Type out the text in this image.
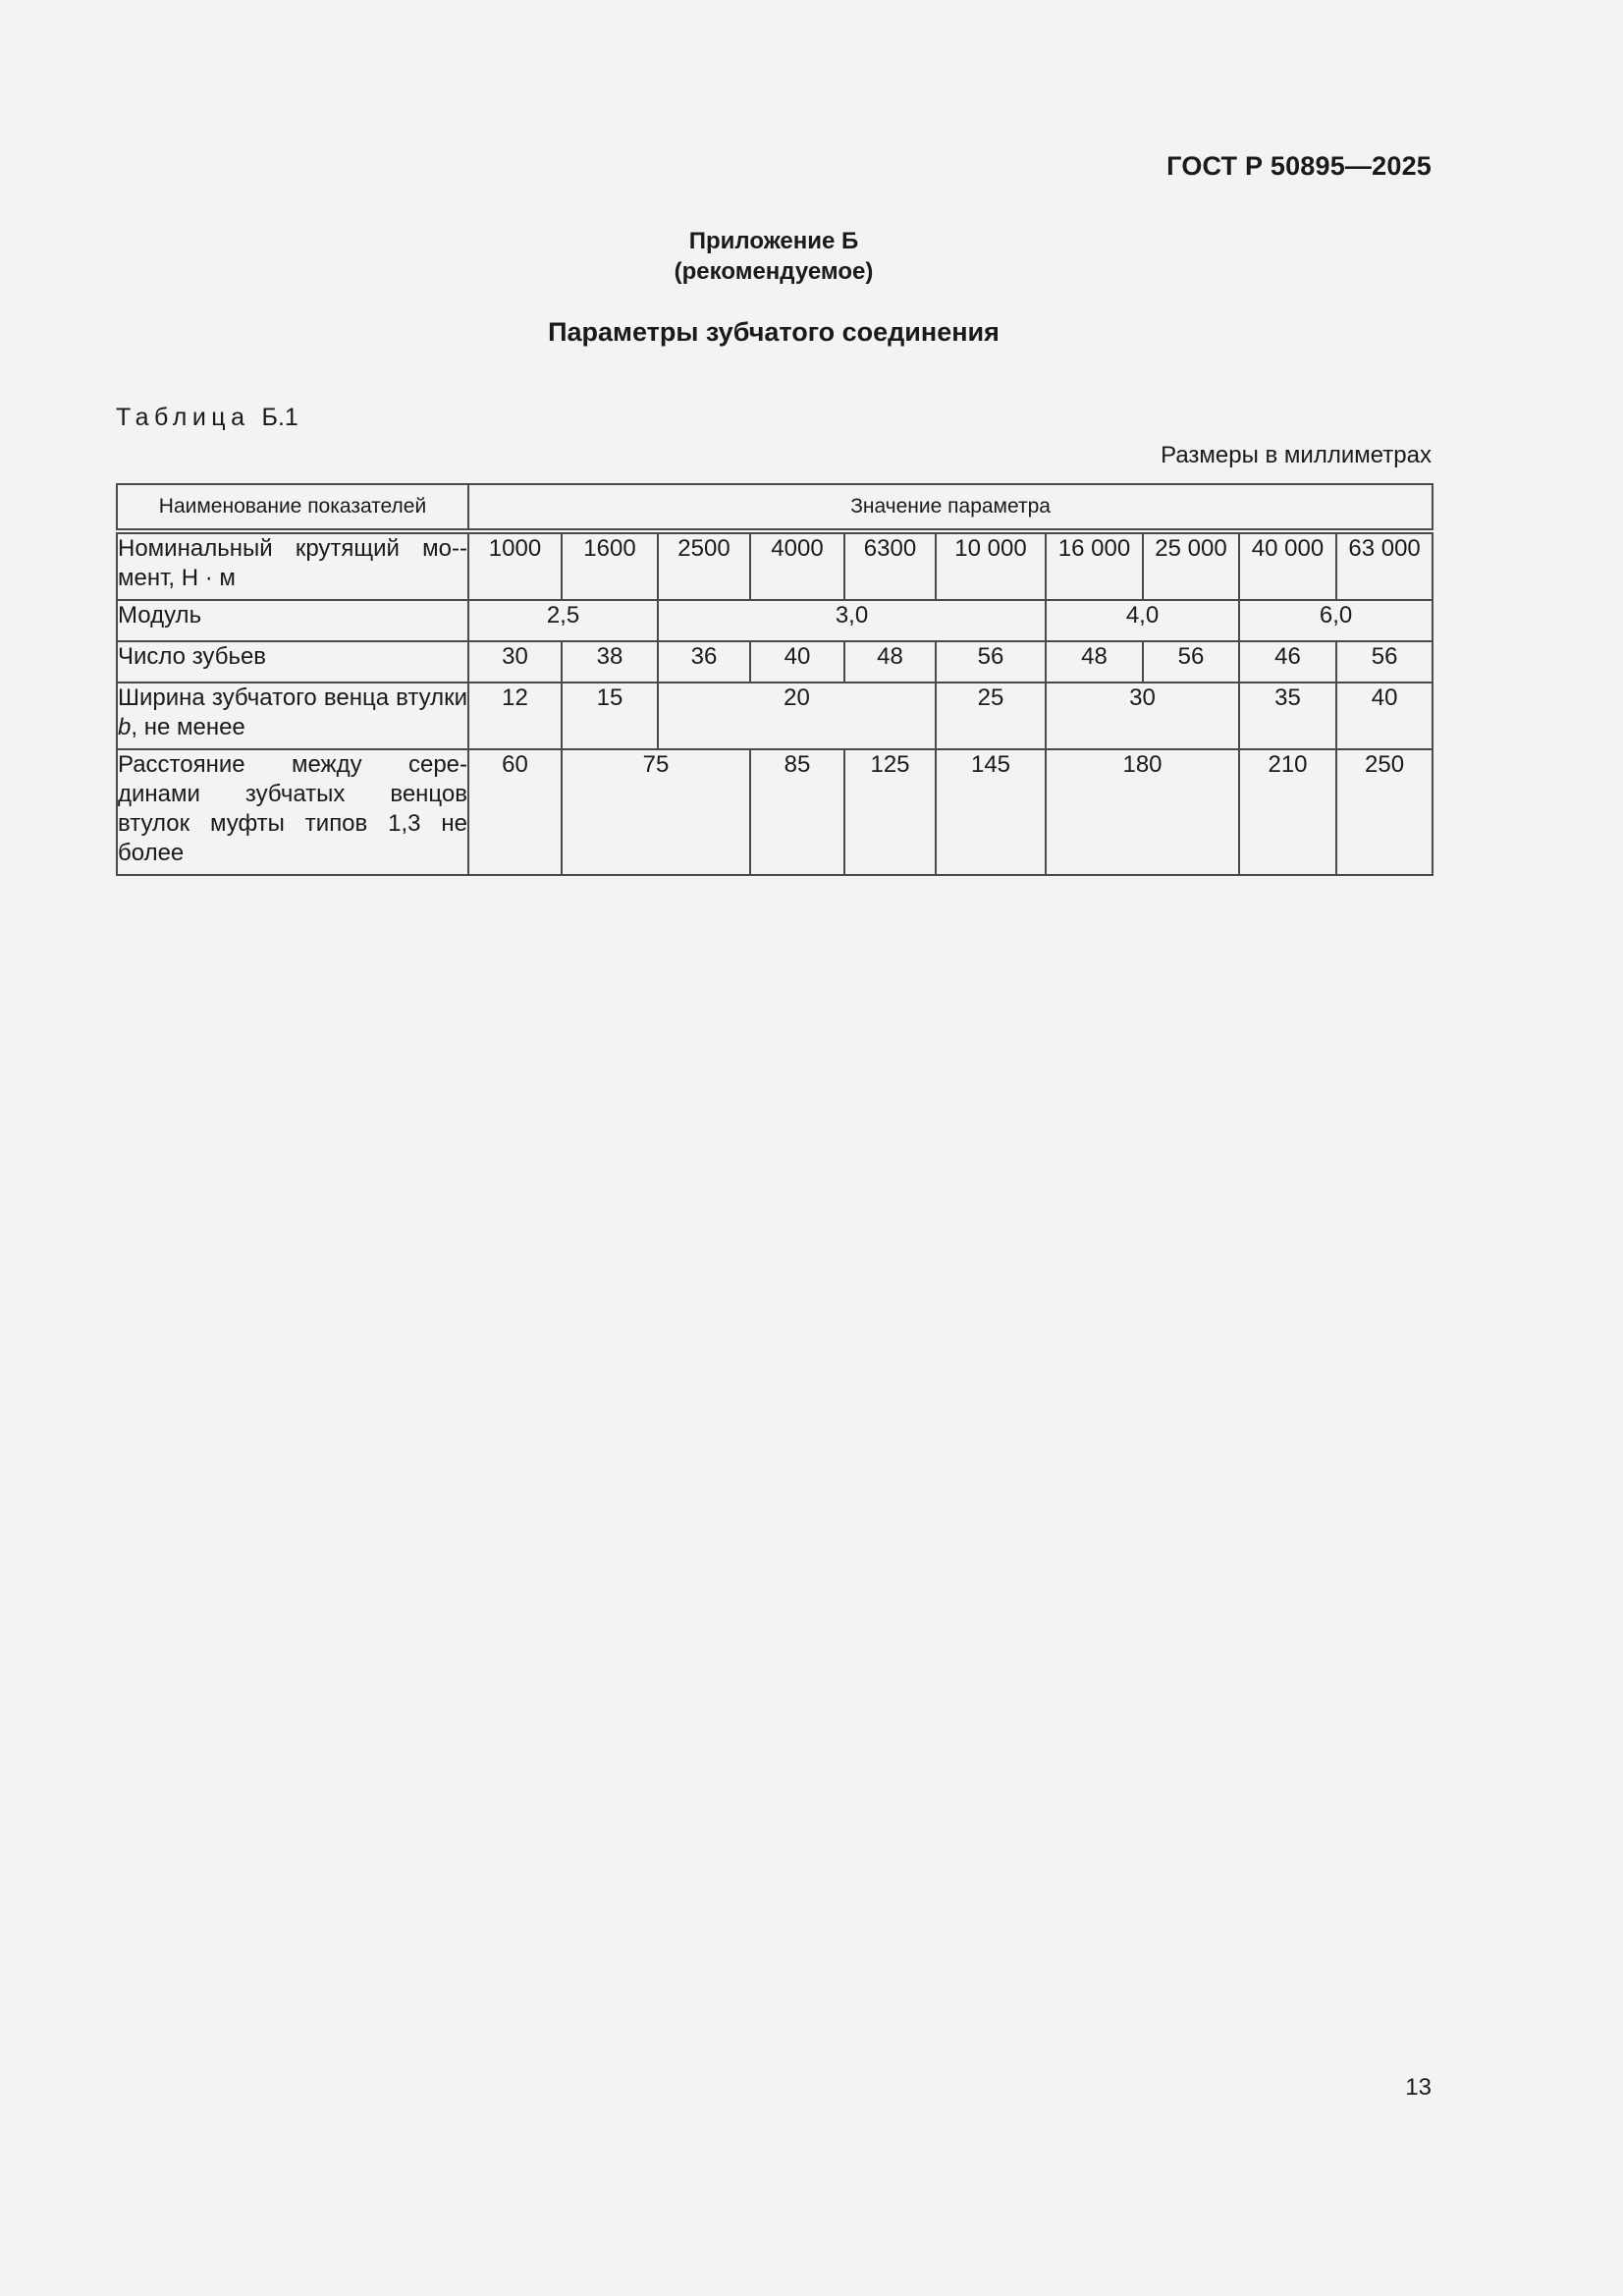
ГОСТ Р 50895—2025
Приложение Б
(рекомендуемое)
Параметры зубчатого соединения
Таблица Б.1
Размеры в миллиметрах
Наименование показателей	Значение параметра									
Номинальный крутящий мо-мент, Н · м	1000	1600	2500	4000	6300	10 000	16 000	25 000	40 000	63 000
Модуль	2,5		3,0				4,0		6,0	
Число зубьев	30	38	36	40	48	56	48	56	46	56
Ширина зубчатого венца втулки b, не менее	12	15	20			25	30		35	40
Расстояние между сере-динами зубчатых венцов втулок муфты типов 1,3 не более	60	75		85	125	145	180		210	250
13
